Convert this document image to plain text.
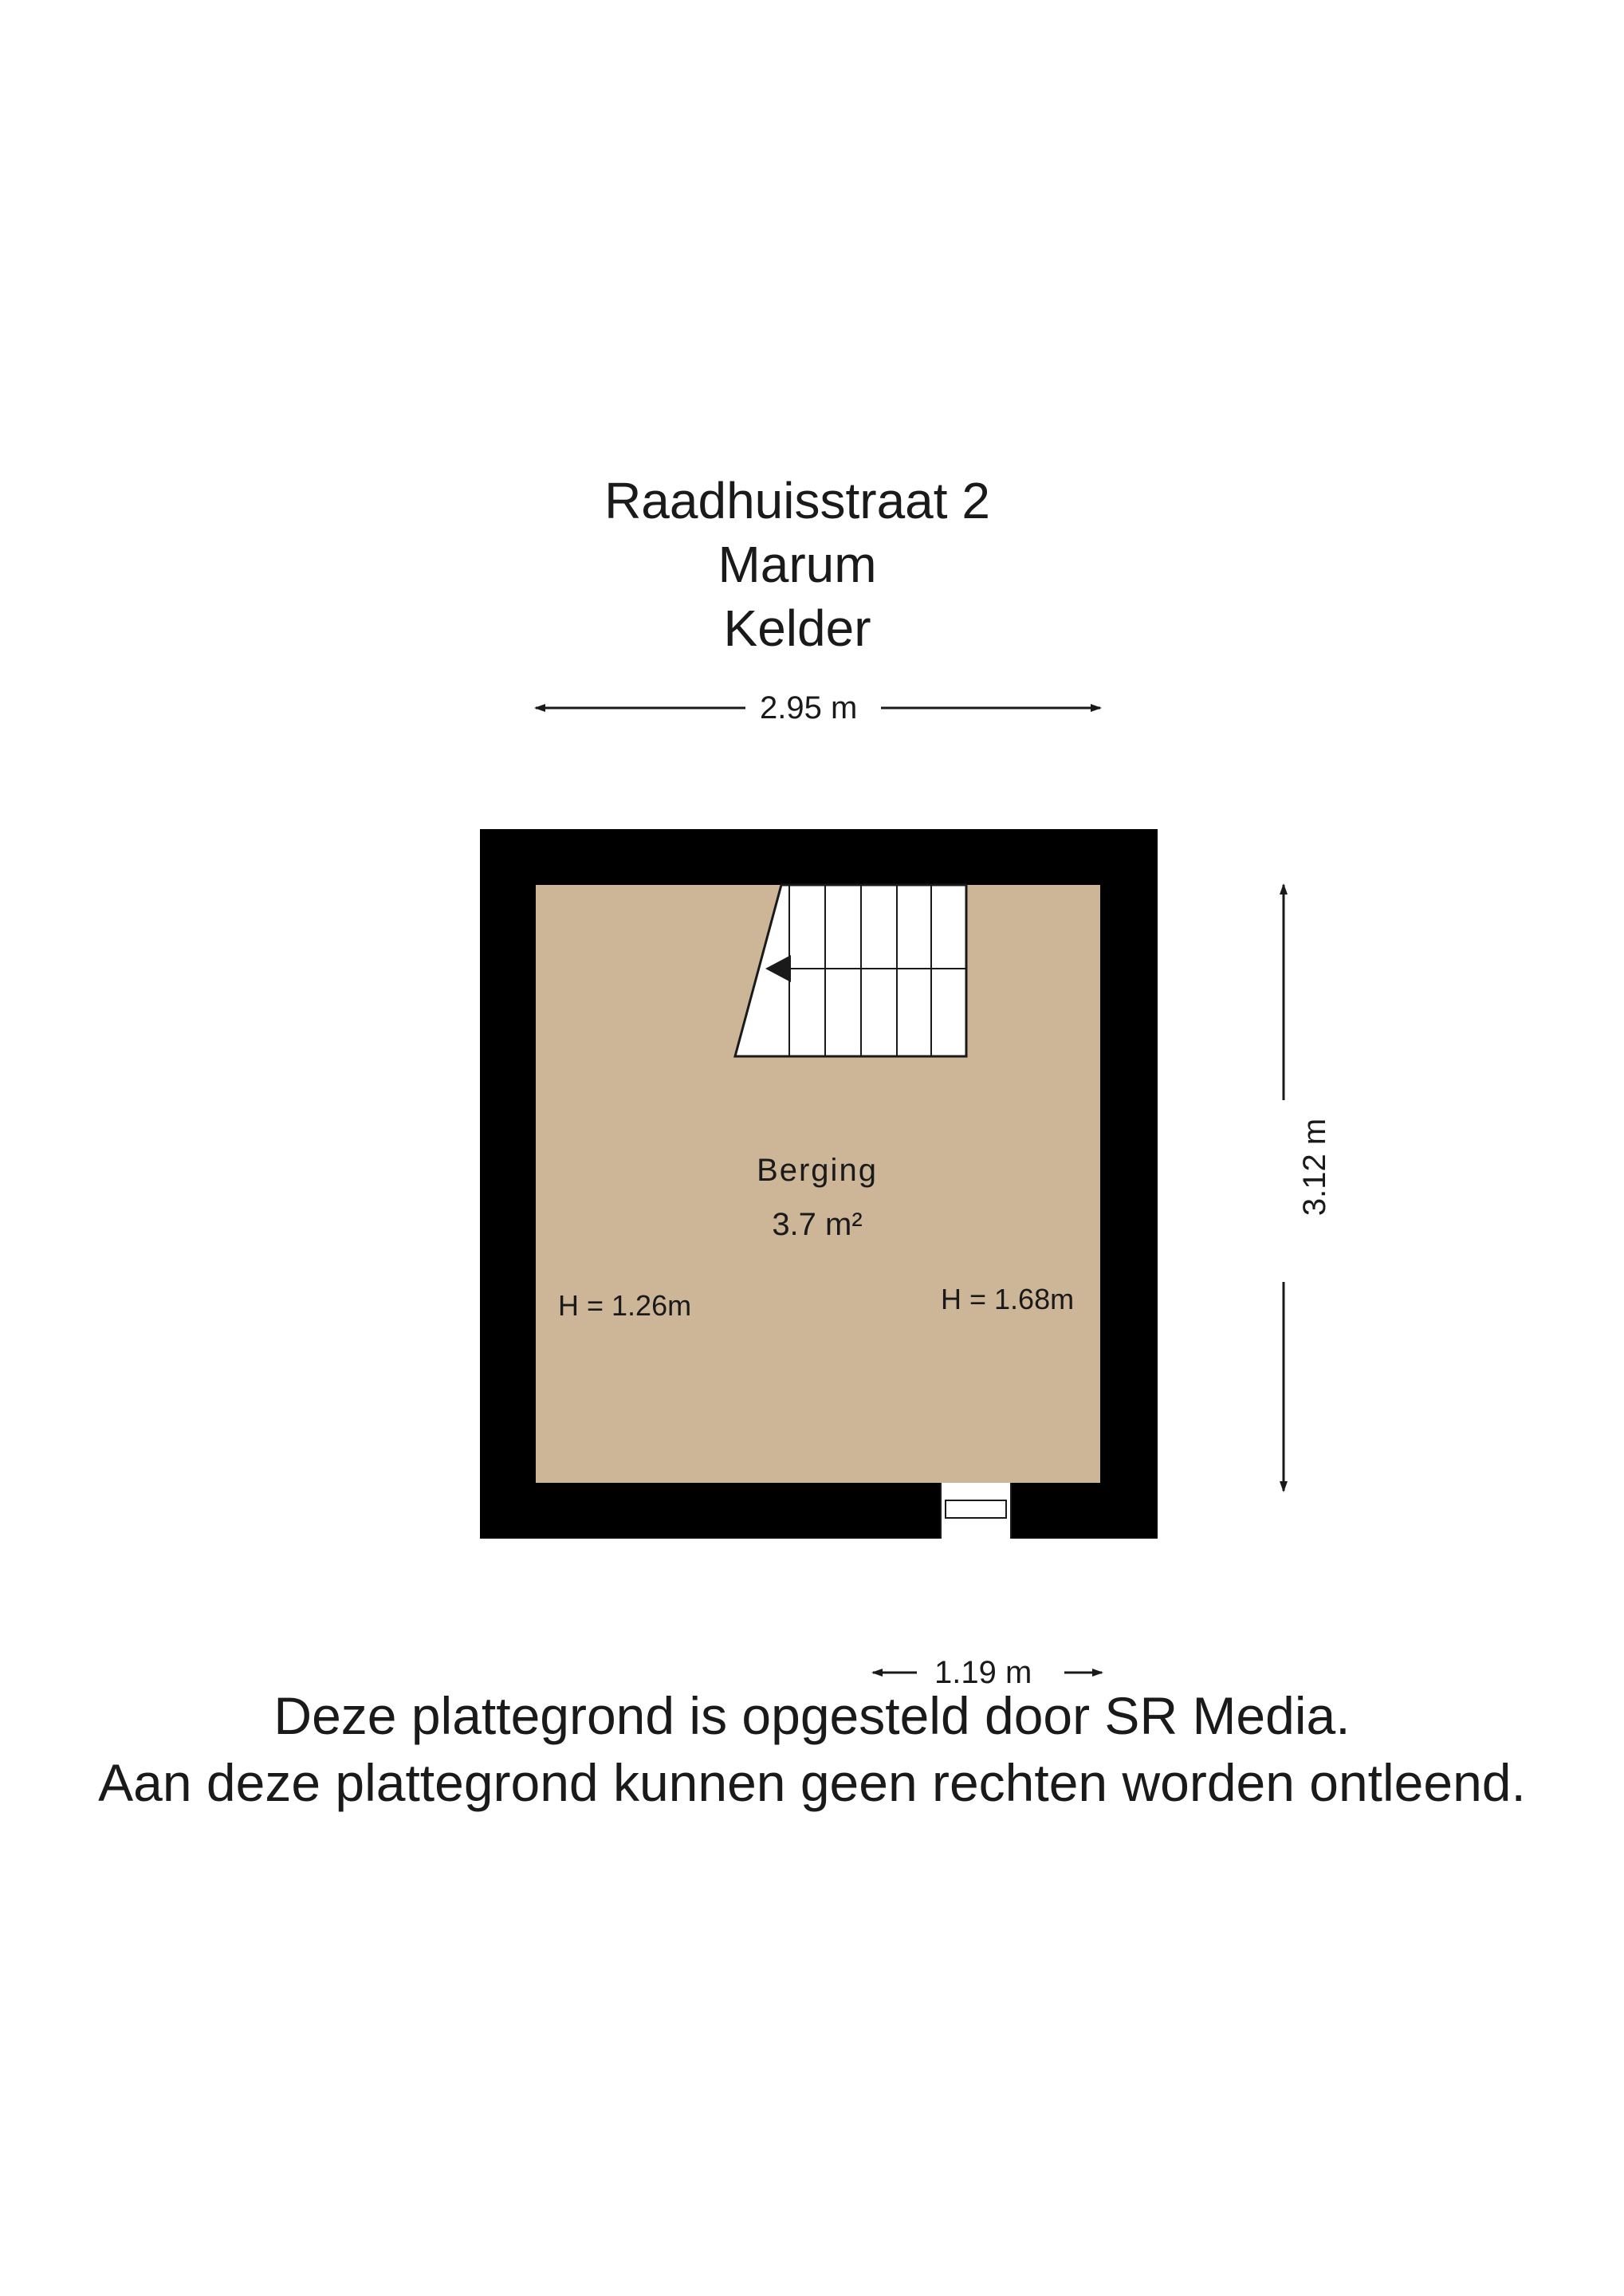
Raadhuisstraat 2
Marum
Kelder
2.95 m
3.12 m
1.19 m
Berging
3.7 m²
H = 1.26m	H = 1.68m
Deze plattegrond is opgesteld door SR Media.
Aan deze plattegrond kunnen geen rechten worden ontleend.
